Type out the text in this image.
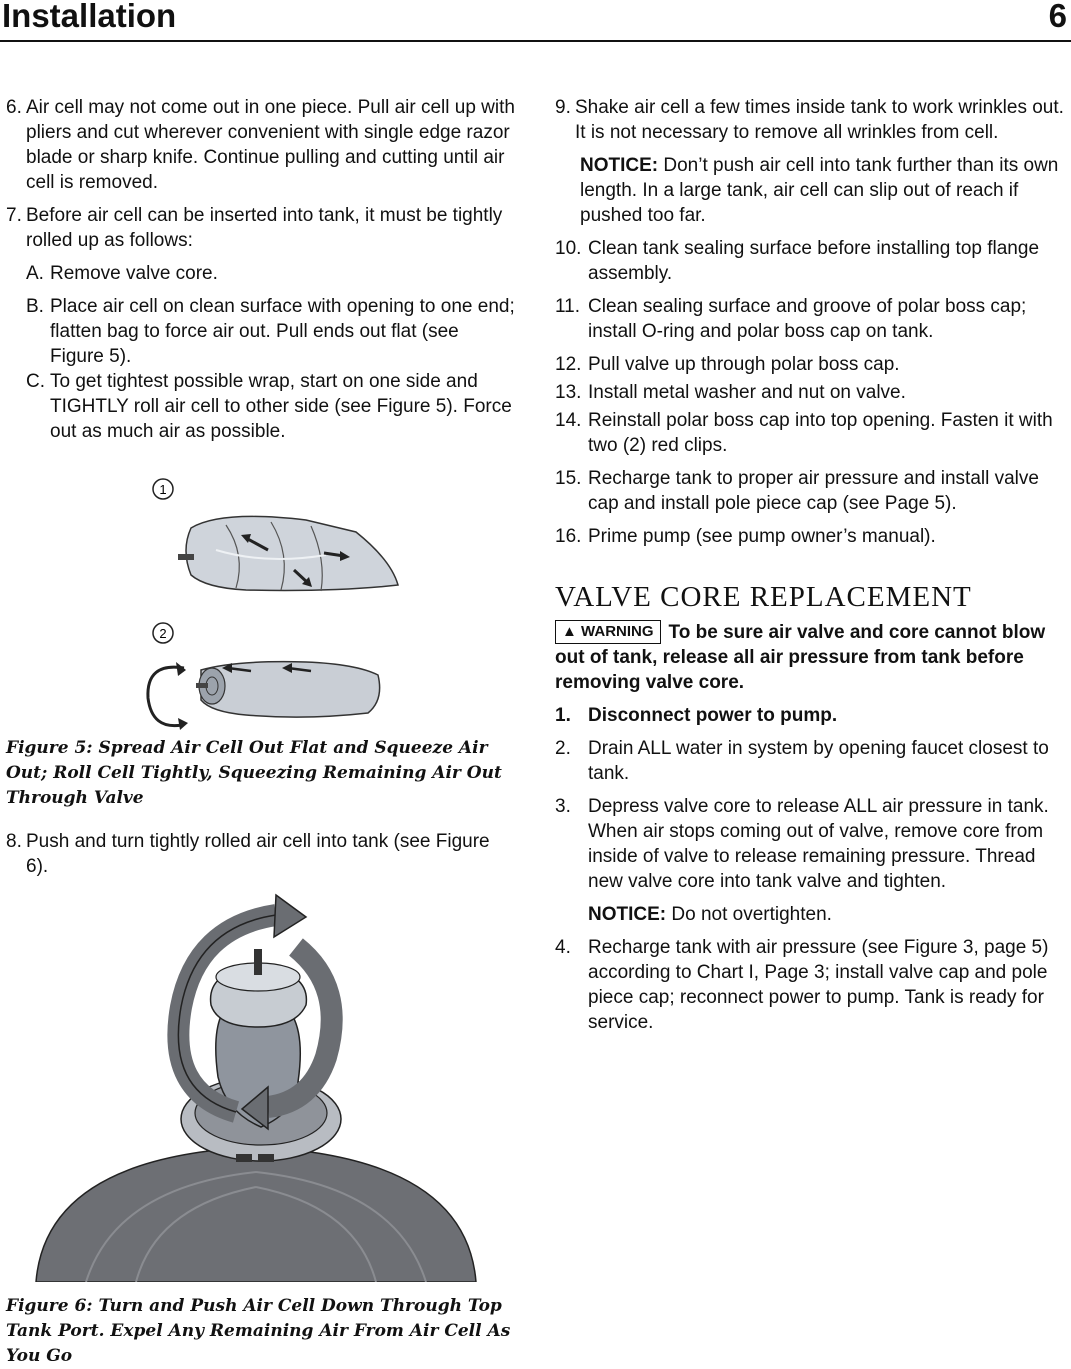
Installation	6
6. Air cell may not come out in one piece. Pull air cell up with pliers and cut wherever convenient with single edge razor blade or sharp knife. Continue pulling and cutting until air cell is removed.
7. Before air cell can be inserted into tank, it must be tightly rolled up as follows:
A. Remove valve core.
B. Place air cell on clean surface with opening to one end; flatten bag to force air out. Pull ends out flat (see Figure 5).
C. To get tightest possible wrap, start on one side and TIGHTLY roll air cell to other side (see Figure 5). Force out as much air as possible.
1
2

Figure 5: Spread Air Cell Out Flat and Squeeze Air Out; Roll Cell Tightly, Squeezing Remaining Air Out Through Valve

8. Push and turn tightly rolled air cell into tank (see Figure 6).

Figure 6: Turn and Push Air Cell Down Through Top Tank Port. Expel Any Remaining Air From Air Cell As You Go

9. Shake air cell a few times inside tank to work wrinkles out. It is not necessary to remove all wrinkles from cell.

NOTICE: Don’t push air cell into tank further than its own length. In a large tank, air cell can slip out of reach if pushed too far.

10. Clean tank sealing surface before installing top flange assembly.
11. Clean sealing surface and groove of polar boss cap; install O-ring and polar boss cap on tank.
12. Pull valve up through polar boss cap.
13. Install metal washer and nut on valve.
14. Reinstall polar boss cap into top opening. Fasten it with two (2) red clips.
15. Recharge tank to proper air pressure and install valve cap and install pole piece cap (see Page 5).
16. Prime pump (see pump owner’s manual).
VALVE CORE REPLACEMENT

▲ WARNING To be sure air valve and core cannot blow out of tank, release all air pressure from tank before removing valve core.

1. Disconnect power to pump.
2. Drain ALL water in system by opening faucet closest to tank.
3. Depress valve core to release ALL air pressure in tank. When air stops coming out of valve, remove core from inside of valve to release remaining pressure. Thread new valve core into tank valve and tighten.

NOTICE: Do not overtighten.

4. Recharge tank with air pressure (see Figure 3, page 5) according to Chart I, Page 3; install valve cap and pole piece cap; reconnect power to pump. Tank is ready for service.
